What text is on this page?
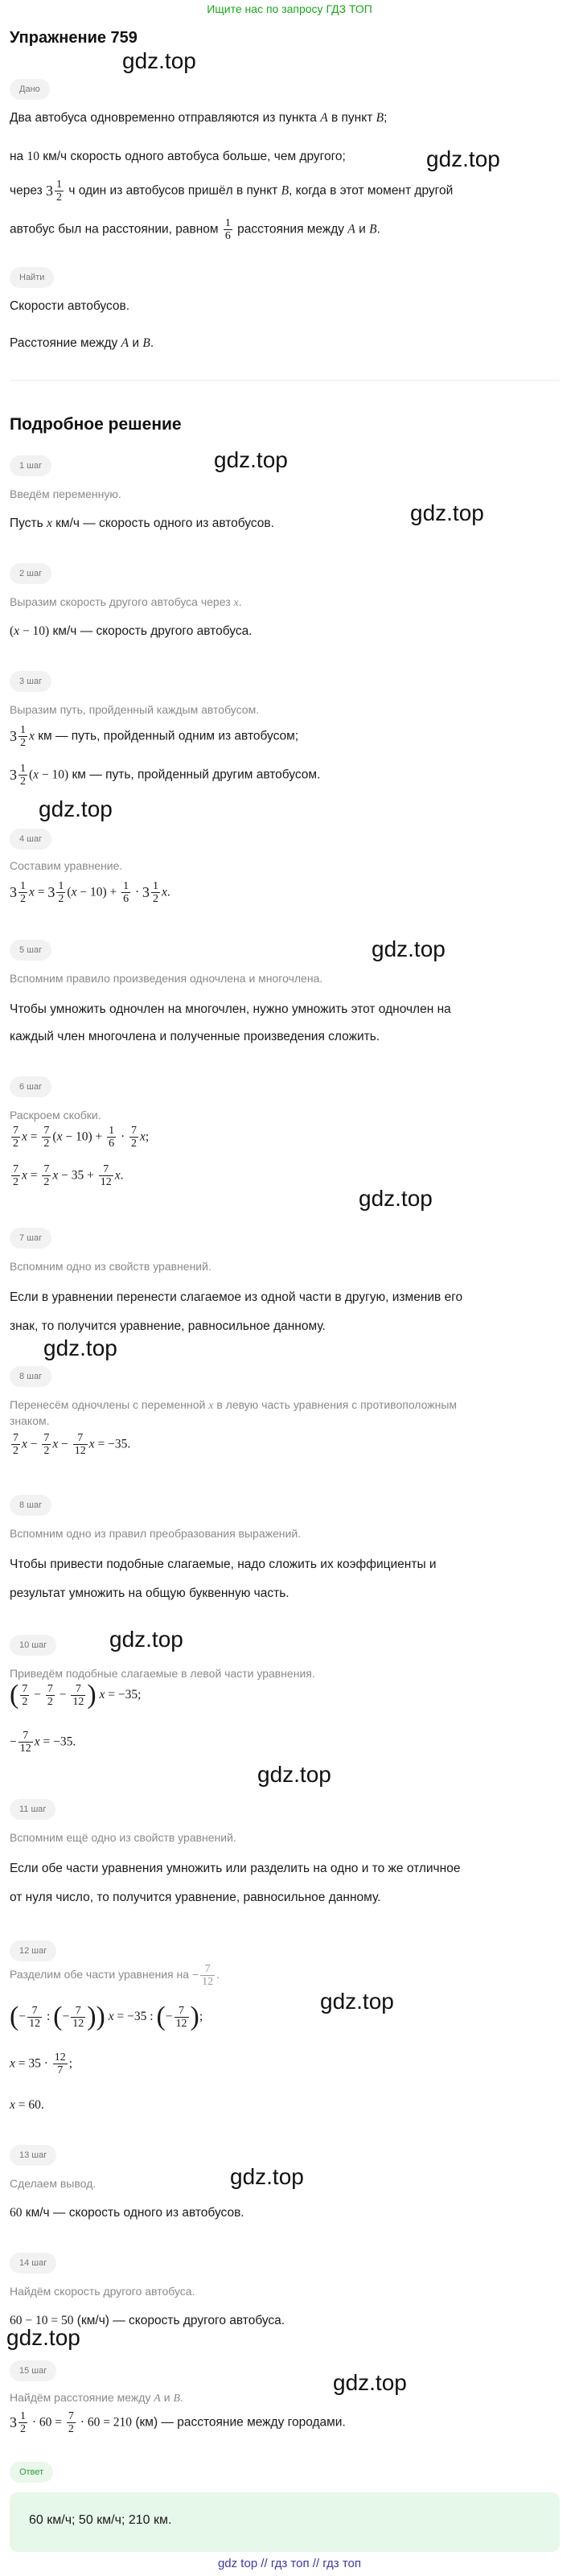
Ищите нас по запросу ГДЗ ТОП
gdz.top
gdz.top
gdz.top
gdz.top
gdz.top
gdz.top
gdz.top
gdz.top
gdz.top
gdz.top
gdz.top
gdz.top
gdz.top
gdz.top
Упражнение 759
Дано
Два автобуса одновременно отправляются из пункта A в пункт B;
на 10 км/ч скорость одного автобуса больше, чем другого;
через $3 \frac{1}{2}$ ч один из автобусов пришёл в пункт B, когда в этот момент другой
автобус был на расстоянии, равном $\frac{1}{6}$ расстояния между A и B.
Найти
Скорости автобусов.
Расстояние между A и B.
Подробное решение
1 шаг
Введём переменную.
Пусть x км/ч — скорость одного из автобусов.
2 шаг
Выразим скорость другого автобуса через x.
(x − 10) км/ч — скорость другого автобуса.
3 шаг
Выразим путь, пройденный каждым автобусом.
$3 \frac{1}{2}$ x км — путь, пройденный одним из автобусом;
$3 \frac{1}{2} (x - 10)$ км — путь, пройденный другим автобусом.
4 шаг
Составим уравнение.
$3 \frac{1}{2}$ $x = 3 \frac{1}{2} (x - 10) + \frac{1}{6} \cdot 3 \frac{1}{2} x$.
5 шаг
Вспомним правило произведения одночлена и многочлена.
Чтобы умножить одночлен на многочлен, нужно умножить этот одночлен на
каждый член многочлена и полученные произведения сложить.
6 шаг
Раскроем скобки.
$\frac{7}{2}$ $x = \frac{7}{2} (x - 10) + \frac{1}{6} \cdot \frac{7}{2} x$;
$\frac{7}{2}$ $x = \frac{7}{2}$ $x - 35 + \frac{7}{12} x$.
7 шаг
Вспомним одно из свойств уравнений.
Если в уравнении перенести слагаемое из одной части в другую, изменив его
знак, то получится уравнение, равносильное данному.
8 шаг
Перенесём одночлены с переменной x в левую часть уравнения с противоположным
знаком.
$\frac{7}{2}$ $x - \frac{7}{2}$ $x - \frac{7}{12}$ x = −35.
8 шаг
Вспомним одно из правил преобразования выражений.
Чтобы привести подобные слагаемые, надо сложить их коэффициенты и
результат умножить на общую буквенную часть.
10 шаг
Приведём подобные слагаемые в левой части уравнения.
( $\frac{7}{2} - \frac{7}{2} - \frac{7}{12}$ ) x = −35;
− $\frac{7}{12}$ x = −35.
11 шаг
Вспомним ещё одно из свойств уравнений.
Если обе части уравнения умножить или разделить на одно и то же отличное
от нуля число, то получится уравнение, равносильное данному.
12 шаг
Разделим обе части уравнения на − $\frac{7}{12}$ .
(− $\frac{7}{12}$ : (− $\frac{7}{12}$ )) x = −35 : (− $\frac{7}{12}$ );
$x = 35 \cdot \frac{12}{7}$ ;
x = 60.
13 шаг
Сделаем вывод.
60 км/ч — скорость одного из автобусов.
14 шаг
Найдём скорость другого автобуса.
60 − 10 = 50 (км/ч) — скорость другого автобуса.
15 шаг
Найдём расстояние между A и B.
$3 \frac{1}{2} \cdot 60 = \frac{7}{2} \cdot 60 = 210$ (км) — расстояние между городами.
Ответ
60 км/ч; 50 км/ч; 210 км.
gdz top // гдз топ // гдз топ
